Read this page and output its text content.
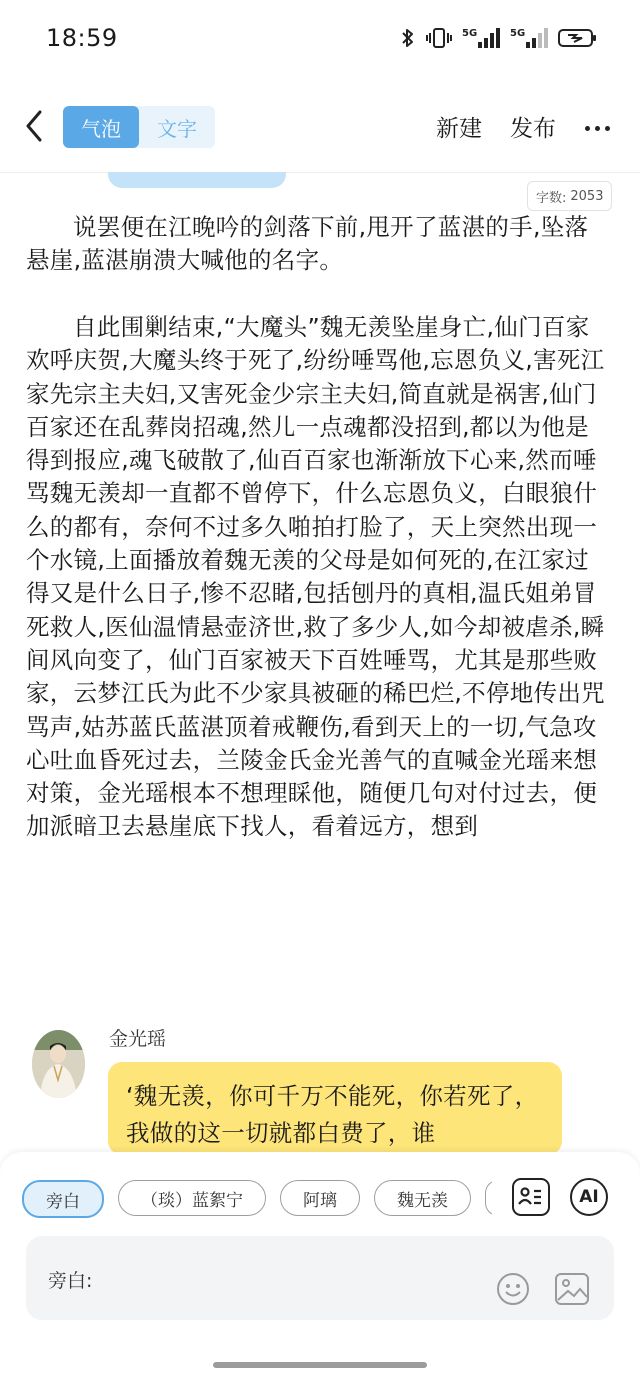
18:59	5G	5G
气泡	文字	新建 发布
字数: 2053

说罢便在江晚吟的剑落下前,甩开了蓝湛的手,坠落悬崖,蓝湛崩溃大喊他的名字。

自此围剿结束,“大魔头”魏无羡坠崖身亡,仙门百家欢呼庆贺,大魔头终于死了,纷纷唾骂他,忘恩负义,害死江家先宗主夫妇,又害死金少宗主夫妇,简直就是祸害,仙门百家还在乱葬岗招魂,然儿一点魂都没招到,都以为他是得到报应,魂飞破散了,仙百百家也渐渐放下心来,然而唾骂魏无羡却一直都不曾停下，什么忘恩负义，白眼狼什么的都有，奈何不过多久啪拍打脸了，天上突然出现一个水镜,上面播放着魏无羡的父母是如何死的,在江家过得又是什么日子,惨不忍睹,包括刨丹的真相,温氏姐弟冒死救人,医仙温情悬壶济世,救了多少人,如今却被虐杀,瞬间风向变了，仙门百家被天下百姓唾骂，尤其是那些败家，云梦江氏为此不少家具被砸的稀巴烂,不停地传出咒骂声,姑苏蓝氏蓝湛顶着戒鞭伤,看到天上的一切,气急攻心吐血昏死过去，兰陵金氏金光善气的直喊金光瑶来想对策，金光瑶根本不想理睬他，随便几句对付过去，便加派暗卫去悬崖底下找人，看着远方，想到

金光瑶

‘魏无羡，你可千万不能死，你若死了，我做的这一切就都白费了，谁

旁白	（琰）蓝絮宁	阿璃	魏无羡	AI
旁白:
